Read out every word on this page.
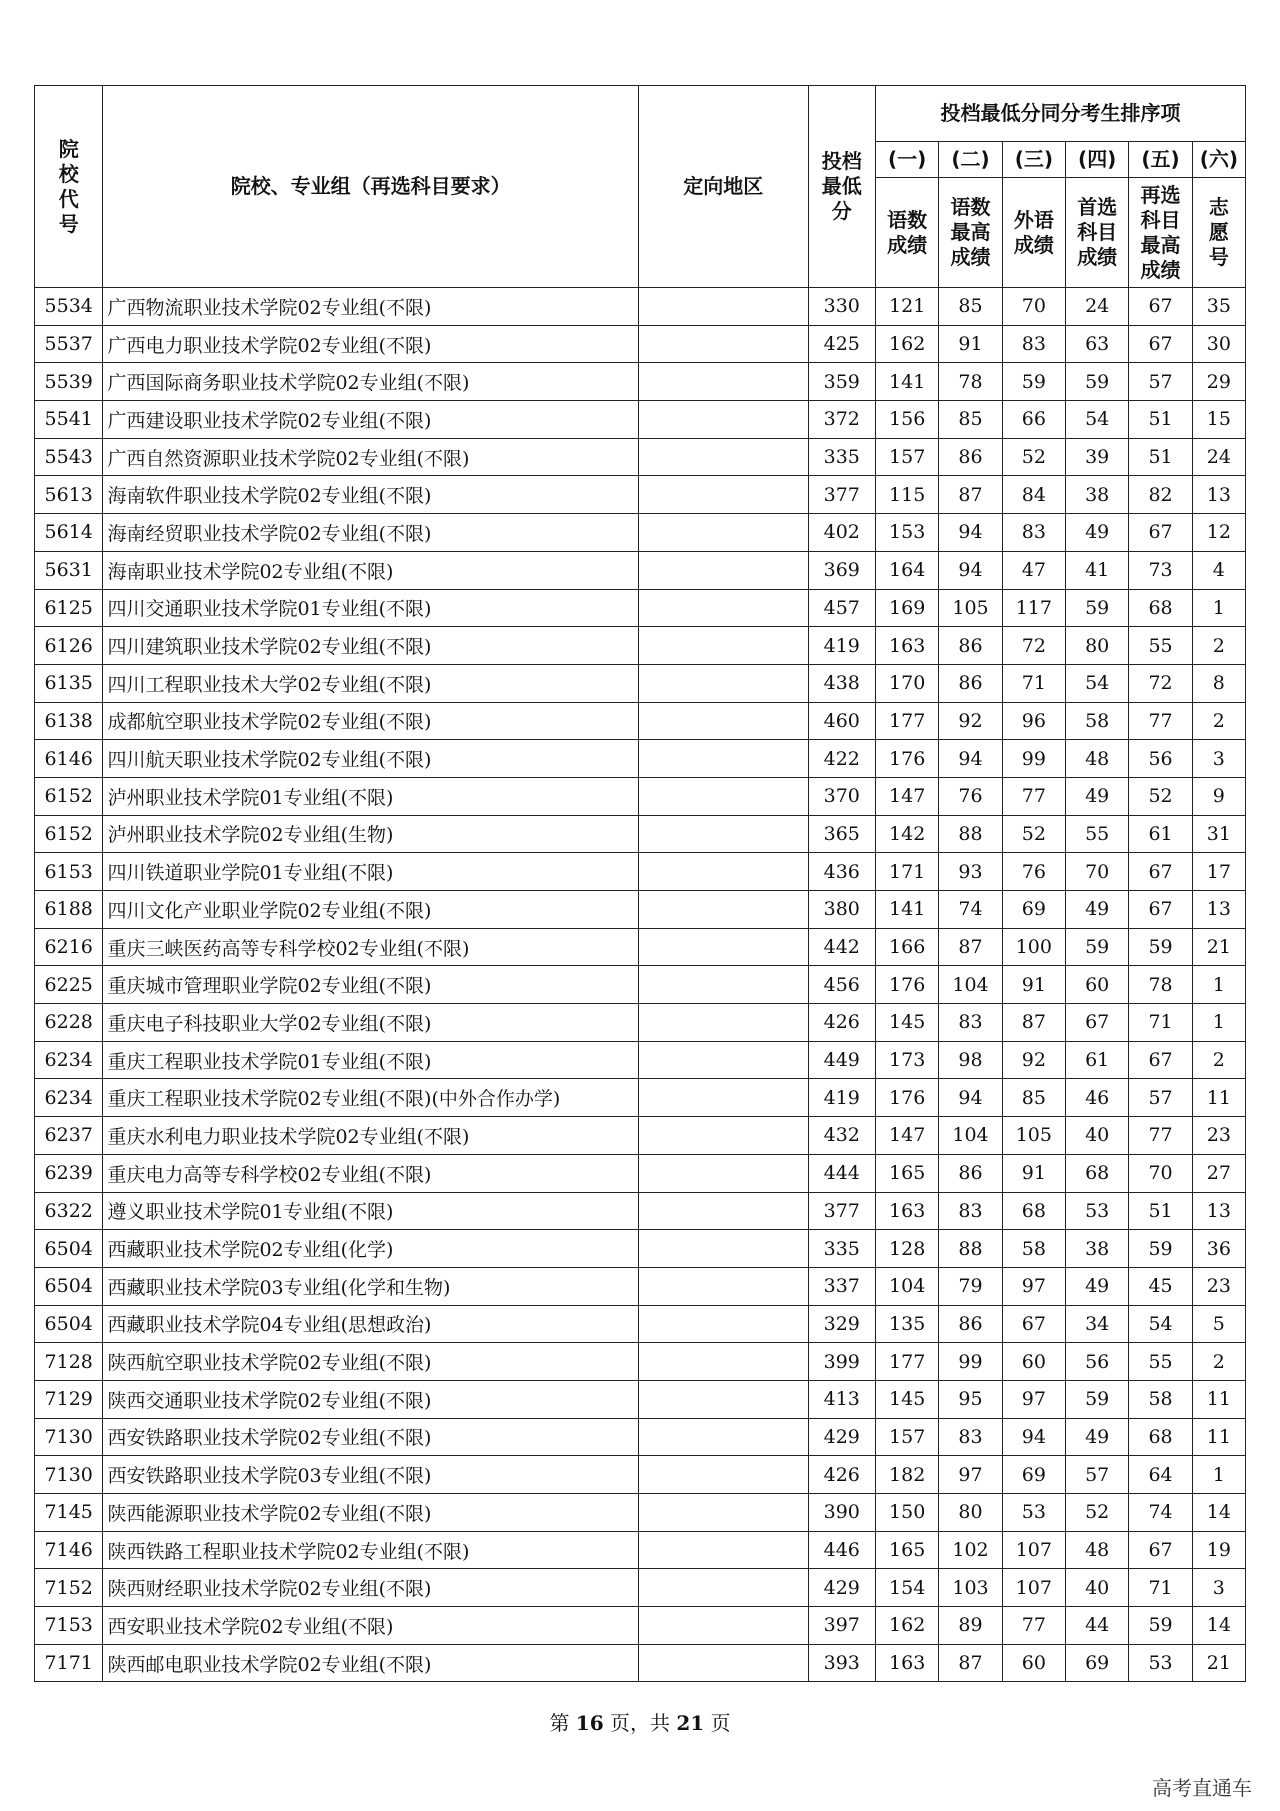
院校代号	院校、专业组（再选科目要求）	定向地区	投档最低分	投档最低分同分考生排序项					
				(一)	(二)	(三)	(四)	(五)	(六)
				语数成绩	语数最高成绩	外语成绩	首选科目成绩	再选科目最高成绩	志愿号
5534	广西物流职业技术学院02专业组(不限)		330	121	85	70	24	67	35
5537	广西电力职业技术学院02专业组(不限)		425	162	91	83	63	67	30
5539	广西国际商务职业技术学院02专业组(不限)		359	141	78	59	59	57	29
5541	广西建设职业技术学院02专业组(不限)		372	156	85	66	54	51	15
5543	广西自然资源职业技术学院02专业组(不限)		335	157	86	52	39	51	24
5613	海南软件职业技术学院02专业组(不限)		377	115	87	84	38	82	13
5614	海南经贸职业技术学院02专业组(不限)		402	153	94	83	49	67	12
5631	海南职业技术学院02专业组(不限)		369	164	94	47	41	73	4
6125	四川交通职业技术学院01专业组(不限)		457	169	105	117	59	68	1
6126	四川建筑职业技术学院02专业组(不限)		419	163	86	72	80	55	2
6135	四川工程职业技术大学02专业组(不限)		438	170	86	71	54	72	8
6138	成都航空职业技术学院02专业组(不限)		460	177	92	96	58	77	2
6146	四川航天职业技术学院02专业组(不限)		422	176	94	99	48	56	3
6152	泸州职业技术学院01专业组(不限)		370	147	76	77	49	52	9
6152	泸州职业技术学院02专业组(生物)		365	142	88	52	55	61	31
6153	四川铁道职业学院01专业组(不限)		436	171	93	76	70	67	17
6188	四川文化产业职业学院02专业组(不限)		380	141	74	69	49	67	13
6216	重庆三峡医药高等专科学校02专业组(不限)		442	166	87	100	59	59	21
6225	重庆城市管理职业学院02专业组(不限)		456	176	104	91	60	78	1
6228	重庆电子科技职业大学02专业组(不限)		426	145	83	87	67	71	1
6234	重庆工程职业技术学院01专业组(不限)		449	173	98	92	61	67	2
6234	重庆工程职业技术学院02专业组(不限)(中外合作办学)		419	176	94	85	46	57	11
6237	重庆水利电力职业技术学院02专业组(不限)		432	147	104	105	40	77	23
6239	重庆电力高等专科学校02专业组(不限)		444	165	86	91	68	70	27
6322	遵义职业技术学院01专业组(不限)		377	163	83	68	53	51	13
6504	西藏职业技术学院02专业组(化学)		335	128	88	58	38	59	36
6504	西藏职业技术学院03专业组(化学和生物)		337	104	79	97	49	45	23
6504	西藏职业技术学院04专业组(思想政治)		329	135	86	67	34	54	5
7128	陕西航空职业技术学院02专业组(不限)		399	177	99	60	56	55	2
7129	陕西交通职业技术学院02专业组(不限)		413	145	95	97	59	58	11
7130	西安铁路职业技术学院02专业组(不限)		429	157	83	94	49	68	11
7130	西安铁路职业技术学院03专业组(不限)		426	182	97	69	57	64	1
7145	陕西能源职业技术学院02专业组(不限)		390	150	80	53	52	74	14
7146	陕西铁路工程职业技术学院02专业组(不限)		446	165	102	107	48	67	19
7152	陕西财经职业技术学院02专业组(不限)		429	154	103	107	40	71	3
7153	西安职业技术学院02专业组(不限)		397	162	89	77	44	59	14
7171	陕西邮电职业技术学院02专业组(不限)		393	163	87	60	69	53	21
第 16 页，共 21 页
高考直通车
